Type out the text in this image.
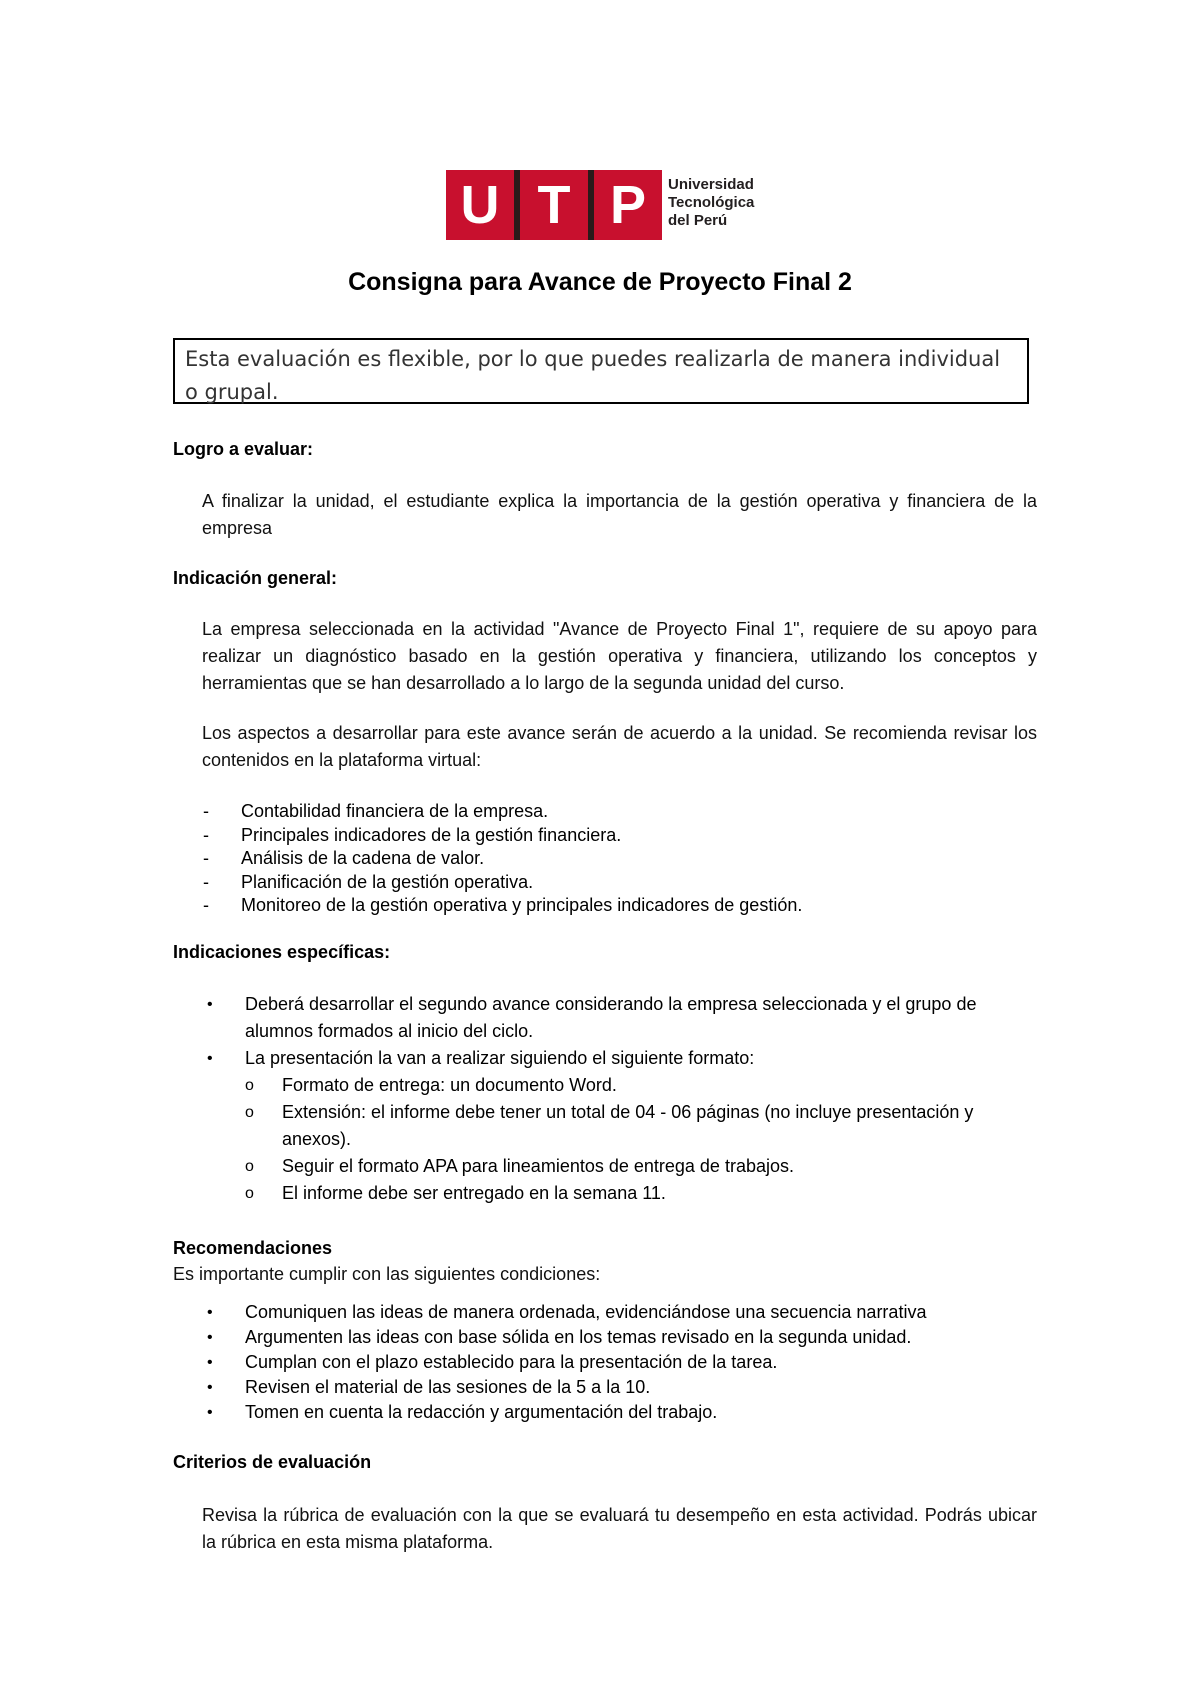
U T P	Universidad
Tecnológica
del Perú
Consigna para Avance de Proyecto Final 2
Esta evaluación es flexible, por lo que puedes realizarla de manera individual o grupal.
Logro a evaluar:
A finalizar la unidad, el estudiante explica la importancia de la gestión operativa y financiera de la empresa
Indicación general:
La empresa seleccionada en la actividad "Avance de Proyecto Final 1", requiere de su apoyo para realizar un diagnóstico basado en la gestión operativa y financiera, utilizando los conceptos y herramientas que se han desarrollado a lo largo de la segunda unidad del curso.
Los aspectos a desarrollar para este avance serán de acuerdo a la unidad. Se recomienda revisar los contenidos en la plataforma virtual:
- Contabilidad financiera de la empresa.
- Principales indicadores de la gestión financiera.
- Análisis de la cadena de valor.
- Planificación de la gestión operativa.
- Monitoreo de la gestión operativa y principales indicadores de gestión.
Indicaciones específicas:
• Deberá desarrollar el segundo avance considerando la empresa seleccionada y el grupo de alumnos formados al inicio del ciclo.
• La presentación la van a realizar siguiendo el siguiente formato:
o Formato de entrega: un documento Word.
o Extensión: el informe debe tener un total de 04 - 06 páginas (no incluye presentación y anexos).
o Seguir el formato APA para lineamientos de entrega de trabajos.
o El informe debe ser entregado en la semana 11.
Recomendaciones
Es importante cumplir con las siguientes condiciones:
• Comuniquen las ideas de manera ordenada, evidenciándose una secuencia narrativa
• Argumenten las ideas con base sólida en los temas revisado en la segunda unidad.
• Cumplan con el plazo establecido para la presentación de la tarea.
• Revisen el material de las sesiones de la 5 a la 10.
• Tomen en cuenta la redacción y argumentación del trabajo.
Criterios de evaluación
Revisa la rúbrica de evaluación con la que se evaluará tu desempeño en esta actividad. Podrás ubicar la rúbrica en esta misma plataforma.
